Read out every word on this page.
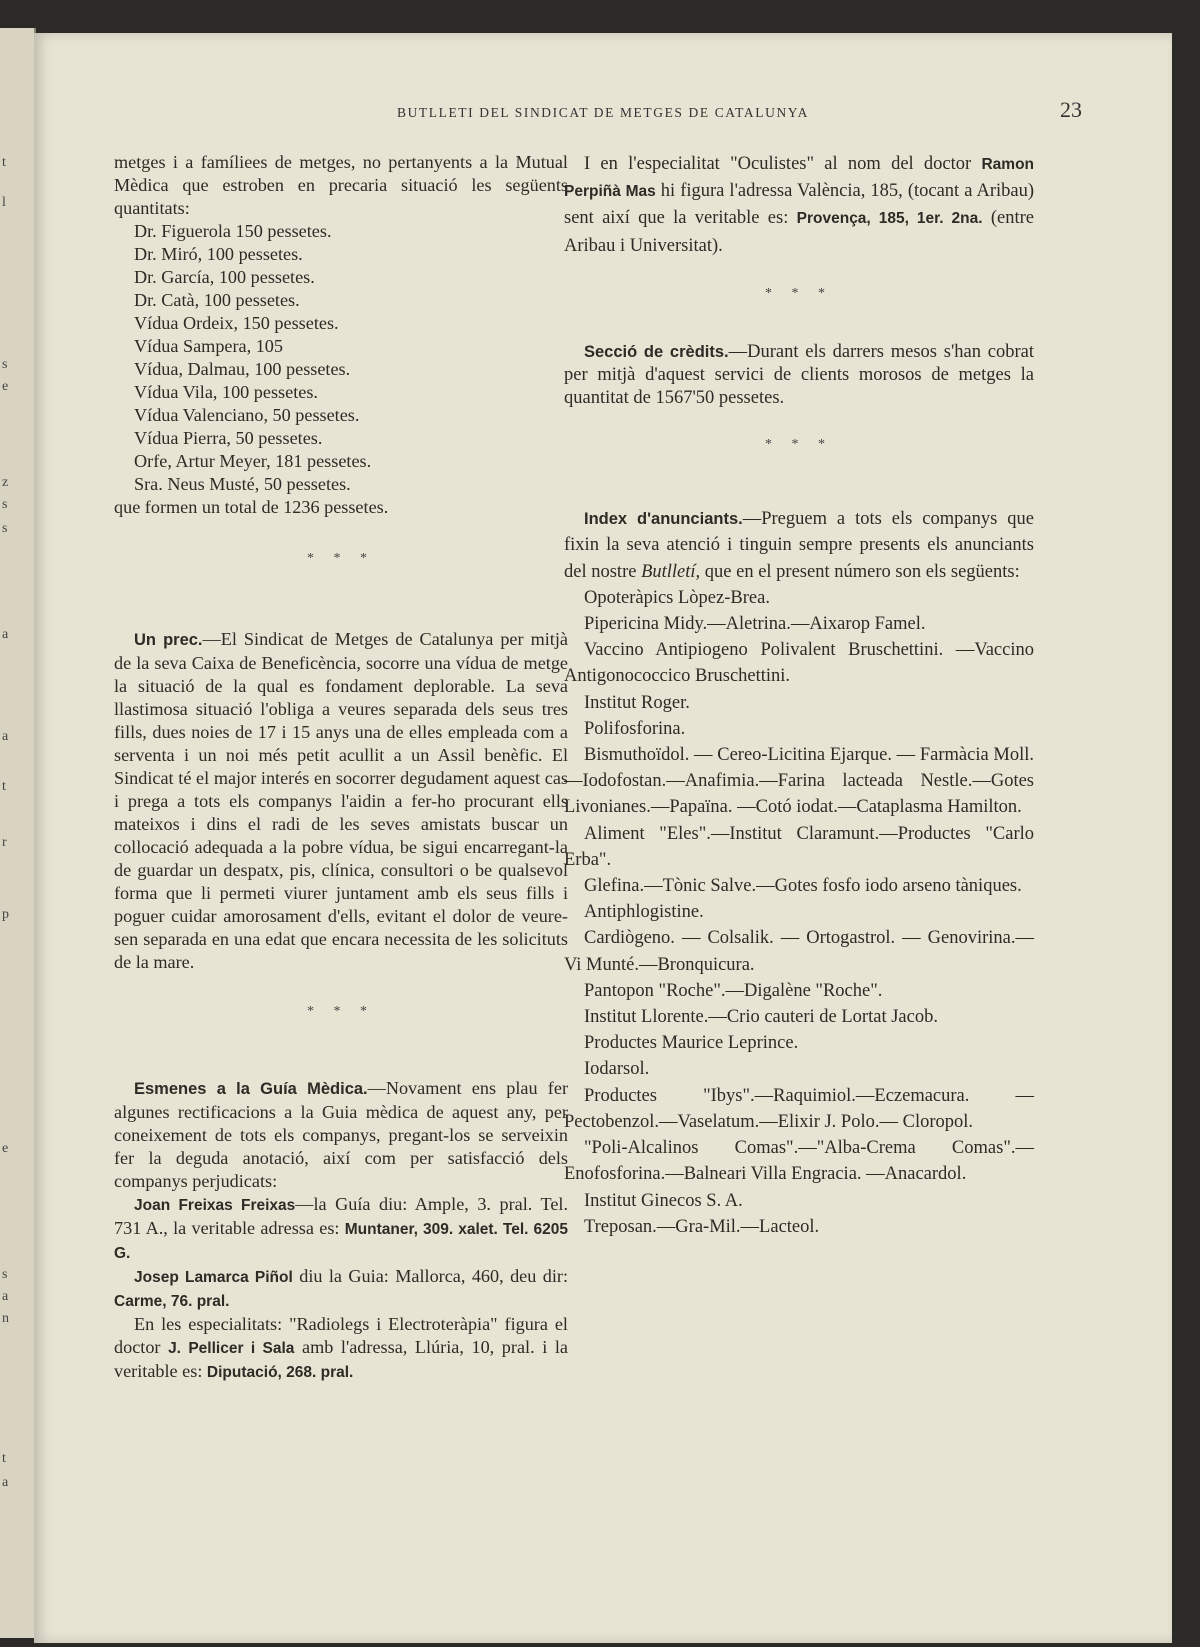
t
l
s
e
z
s
s
a
a
t
r
p
e
s
a
n
t
a
BUTLLETI DEL SINDICAT DE METGES DE CATALUNYA	23

metges i a famíliees de metges, no pertanyents a la Mutual Mèdica que estroben en precaria situació les següents quantitats:

Dr. Figuerola 150 pessetes.

Dr. Miró, 100 pessetes.

Dr. García, 100 pessetes.

Dr. Catà, 100 pessetes.

Vídua Ordeix, 150 pessetes.

Vídua Sampera, 105

Vídua, Dalmau, 100 pessetes.

Vídua Vila, 100 pessetes.

Vídua Valenciano, 50 pessetes.

Vídua Pierra, 50 pessetes.

Orfe, Artur Meyer, 181 pessetes.

Sra. Neus Musté, 50 pessetes.

que formen un total de 1236 pessetes.

* * *

Un prec.—El Sindicat de Metges de Catalunya per mitjà de la seva Caixa de Beneficència, socorre una vídua de metge la situació de la qual es fondament deplorable. La seva llastimosa situació l'obliga a veures separada dels seus tres fills, dues noies de 17 i 15 anys una de elles empleada com a serventa i un noi més petit acullit a un Assil benèfic. El Sindicat té el major interés en socorrer degudament aquest cas i prega a tots els companys l'aidin a fer-ho procurant ells mateixos i dins el radi de les seves amistats buscar un collocació adequada a la pobre vídua, be sigui encarregant-la de guardar un despatx, pis, clínica, consultori o be qualsevol forma que li permeti viurer juntament amb els seus fills i poguer cuidar amorosament d'ells, evitant el dolor de veure-sen separada en una edat que encara necessita de les solicituts de la mare.

* * *

Esmenes a la Guía Mèdica.—Novament ens plau fer algunes rectificacions a la Guia mèdica de aquest any, per coneixement de tots els companys, pregant-los se serveixin fer la deguda anotació, així com per satisfacció dels companys perjudicats:

Joan Freixas Freixas—la Guía diu: Ample, 3. pral. Tel. 731 A., la veritable adressa es: Muntaner, 309. xalet. Tel. 6205 G.

Josep Lamarca Piñol diu la Guia: Mallorca, 460, deu dir: Carme, 76. pral.

En les especialitats: "Radiolegs i Electroteràpia" figura el doctor J. Pellicer i Sala amb l'adressa, Llúria, 10, pral. i la veritable es: Diputació, 268. pral.

I en l'especialitat "Oculistes" al nom del doctor Ramon Perpiñà Mas hi figura l'adressa València, 185, (tocant a Aribau) sent així que la veritable es: Provença, 185, 1er. 2na. (entre Aribau i Universitat).

* * *

Secció de crèdits.—Durant els darrers mesos s'han cobrat per mitjà d'aquest servici de clients morosos de metges la quantitat de 1567'50 pessetes.

* * *

Index d'anunciants.—Preguem a tots els companys que fixin la seva atenció i tinguin sempre presents els anunciants del nostre Butlletí, que en el present número son els següents:

Opoteràpics Lòpez-Brea.

Pipericina Midy.—Aletrina.—Aixarop Famel.

Vaccino Antipiogeno Polivalent Bruschettini. —Vaccino Antigonococcico Bruschettini.

Institut Roger.

Polifosforina.

Bismuthoïdol. — Cereo-Licitina Ejarque. — Farmàcia Moll.—Iodofostan.—Anafimia.—Farina lacteada Nestle.—Gotes Livonianes.—Papaïna. —Cotó iodat.—Cataplasma Hamilton.

Aliment "Eles".—Institut Claramunt.—Productes "Carlo Erba".

Glefina.—Tònic Salve.—Gotes fosfo iodo arseno tàniques.

Antiphlogistine.

Cardiògeno. — Colsalik. — Ortogastrol. — Genovirina.—Vi Munté.—Bronquicura.

Pantopon "Roche".—Digalène "Roche".

Institut Llorente.—Crio cauteri de Lortat Jacob.

Productes Maurice Leprince.

Iodarsol.

Productes "Ibys".—Raquimiol.—Eczemacura. —Pectobenzol.—Vaselatum.—Elixir J. Polo.— Cloropol.

"Poli-Alcalinos Comas".—"Alba-Crema Comas".—Enofosforina.—Balneari Villa Engracia. —Anacardol.

Institut Ginecos S. A.

Treposan.—Gra-Mil.—Lacteol.
